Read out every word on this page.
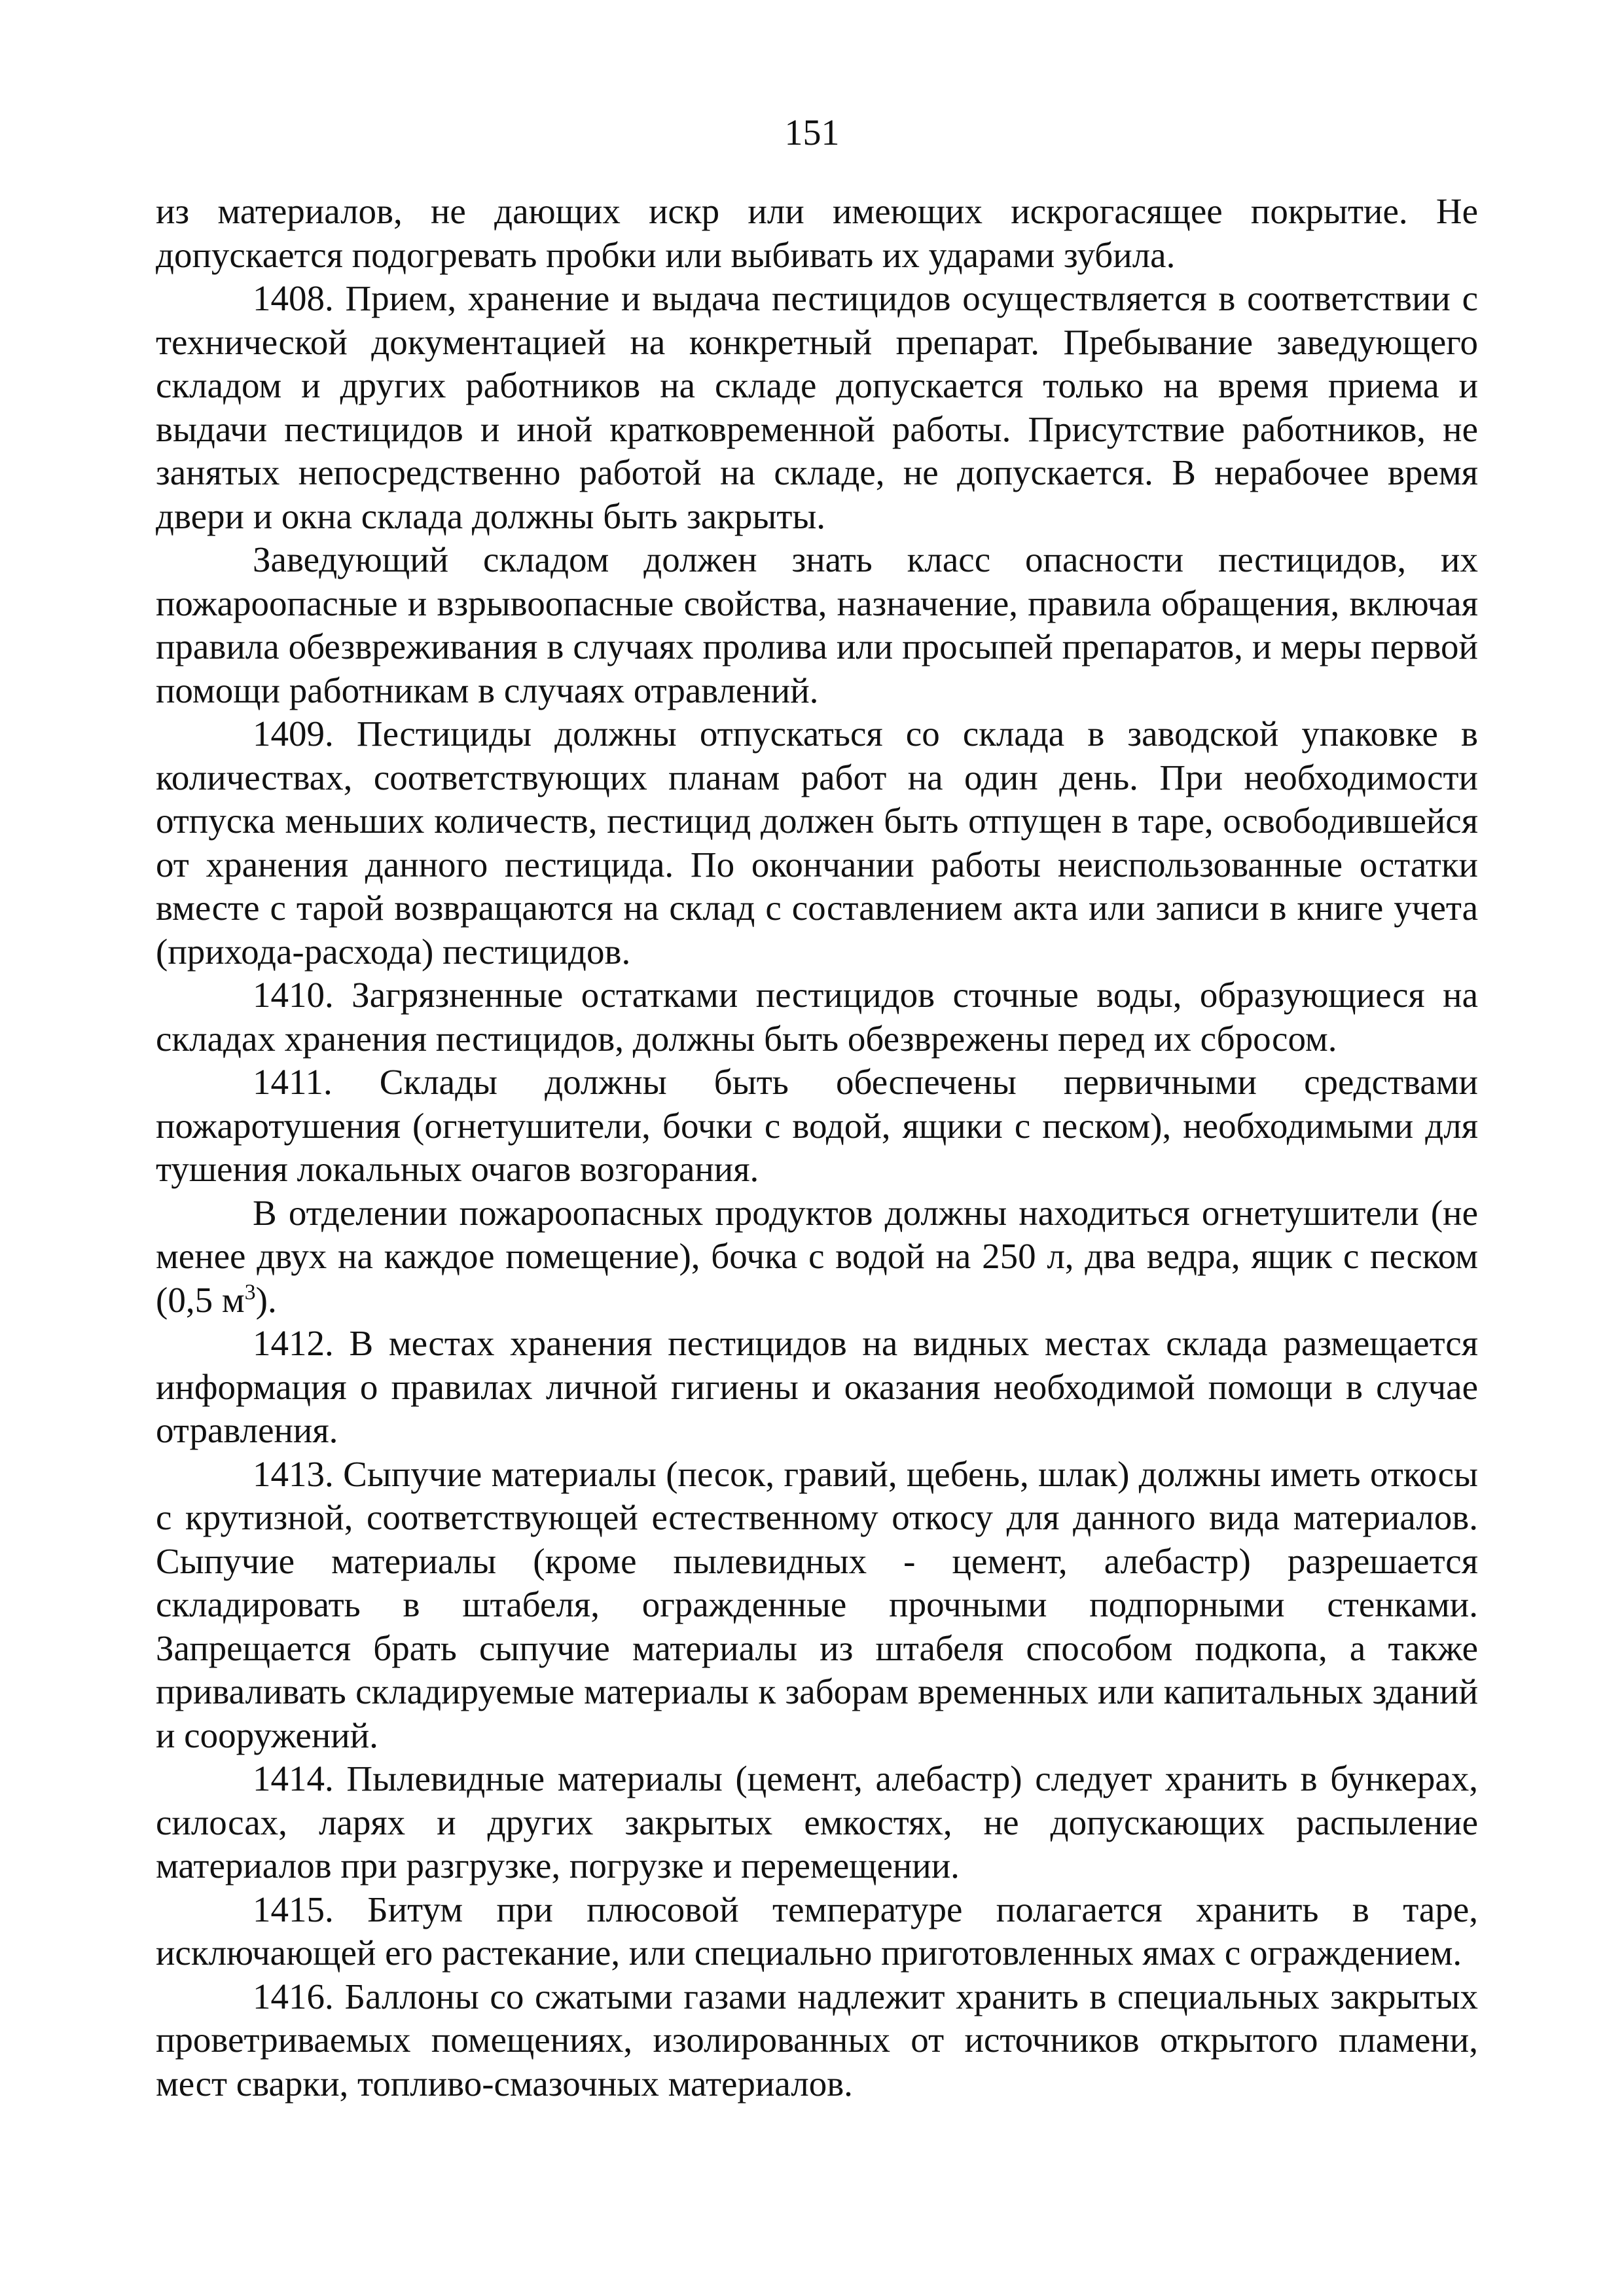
151

из материалов, не дающих искр или имеющих искрогасящее покрытие. Не допускается подогревать пробки или выбивать их ударами зубила.

1408. Прием, хранение и выдача пестицидов осуществляется в соответствии с технической документацией на конкретный препарат. Пребывание заведующего складом и других работников на складе допускается только на время приема и выдачи пестицидов и иной кратковременной работы. Присутствие работников, не занятых непосредственно работой на складе, не допускается. В нерабочее время двери и окна склада должны быть закрыты.

Заведующий складом должен знать класс опасности пестицидов, их пожароопасные и взрывоопасные свойства, назначение, правила обращения, включая правила обезвреживания в случаях пролива или просыпей препаратов, и меры первой помощи работникам в случаях отравлений.

1409. Пестициды должны отпускаться со склада в заводской упаковке в количествах, соответствующих планам работ на один день. При необходимости отпуска меньших количеств, пестицид должен быть отпущен в таре, освободившейся от хранения данного пестицида. По окончании работы неиспользованные остатки вместе с тарой возвращаются на склад с составлением акта или записи в книге учета (прихода-расхода) пестицидов.

1410. Загрязненные остатками пестицидов сточные воды, образующиеся на складах хранения пестицидов, должны быть обезврежены перед их сбросом.

1411. Склады должны быть обеспечены первичными средствами пожаротушения (огнетушители, бочки с водой, ящики с песком), необходимыми для тушения локальных очагов возгорания.

В отделении пожароопасных продуктов должны находиться огнетушители (не менее двух на каждое помещение), бочка с водой на 250 л, два ведра, ящик с песком (0,5 $м^3$).

1412. В местах хранения пестицидов на видных местах склада размещается информация о правилах личной гигиены и оказания необходимой помощи в случае отравления.

1413. Сыпучие материалы (песок, гравий, щебень, шлак) должны иметь откосы с крутизной, соответствующей естественному откосу для данного вида материалов. Сыпучие материалы (кроме пылевидных - цемент, алебастр) разрешается складировать в штабеля, огражденные прочными подпорными стенками. Запрещается брать сыпучие материалы из штабеля способом подкопа, а также приваливать складируемые материалы к заборам временных или капитальных зданий и сооружений.

1414. Пылевидные материалы (цемент, алебастр) следует хранить в бункерах, силосах, ларях и других закрытых емкостях, не допускающих распыление материалов при разгрузке, погрузке и перемещении.

1415. Битум при плюсовой температуре полагается хранить в таре, исключающей его растекание, или специально приготовленных ямах с ограждением.

1416. Баллоны со сжатыми газами надлежит хранить в специальных закрытых проветриваемых помещениях, изолированных от источников открытого пламени, мест сварки, топливо-смазочных материалов.
